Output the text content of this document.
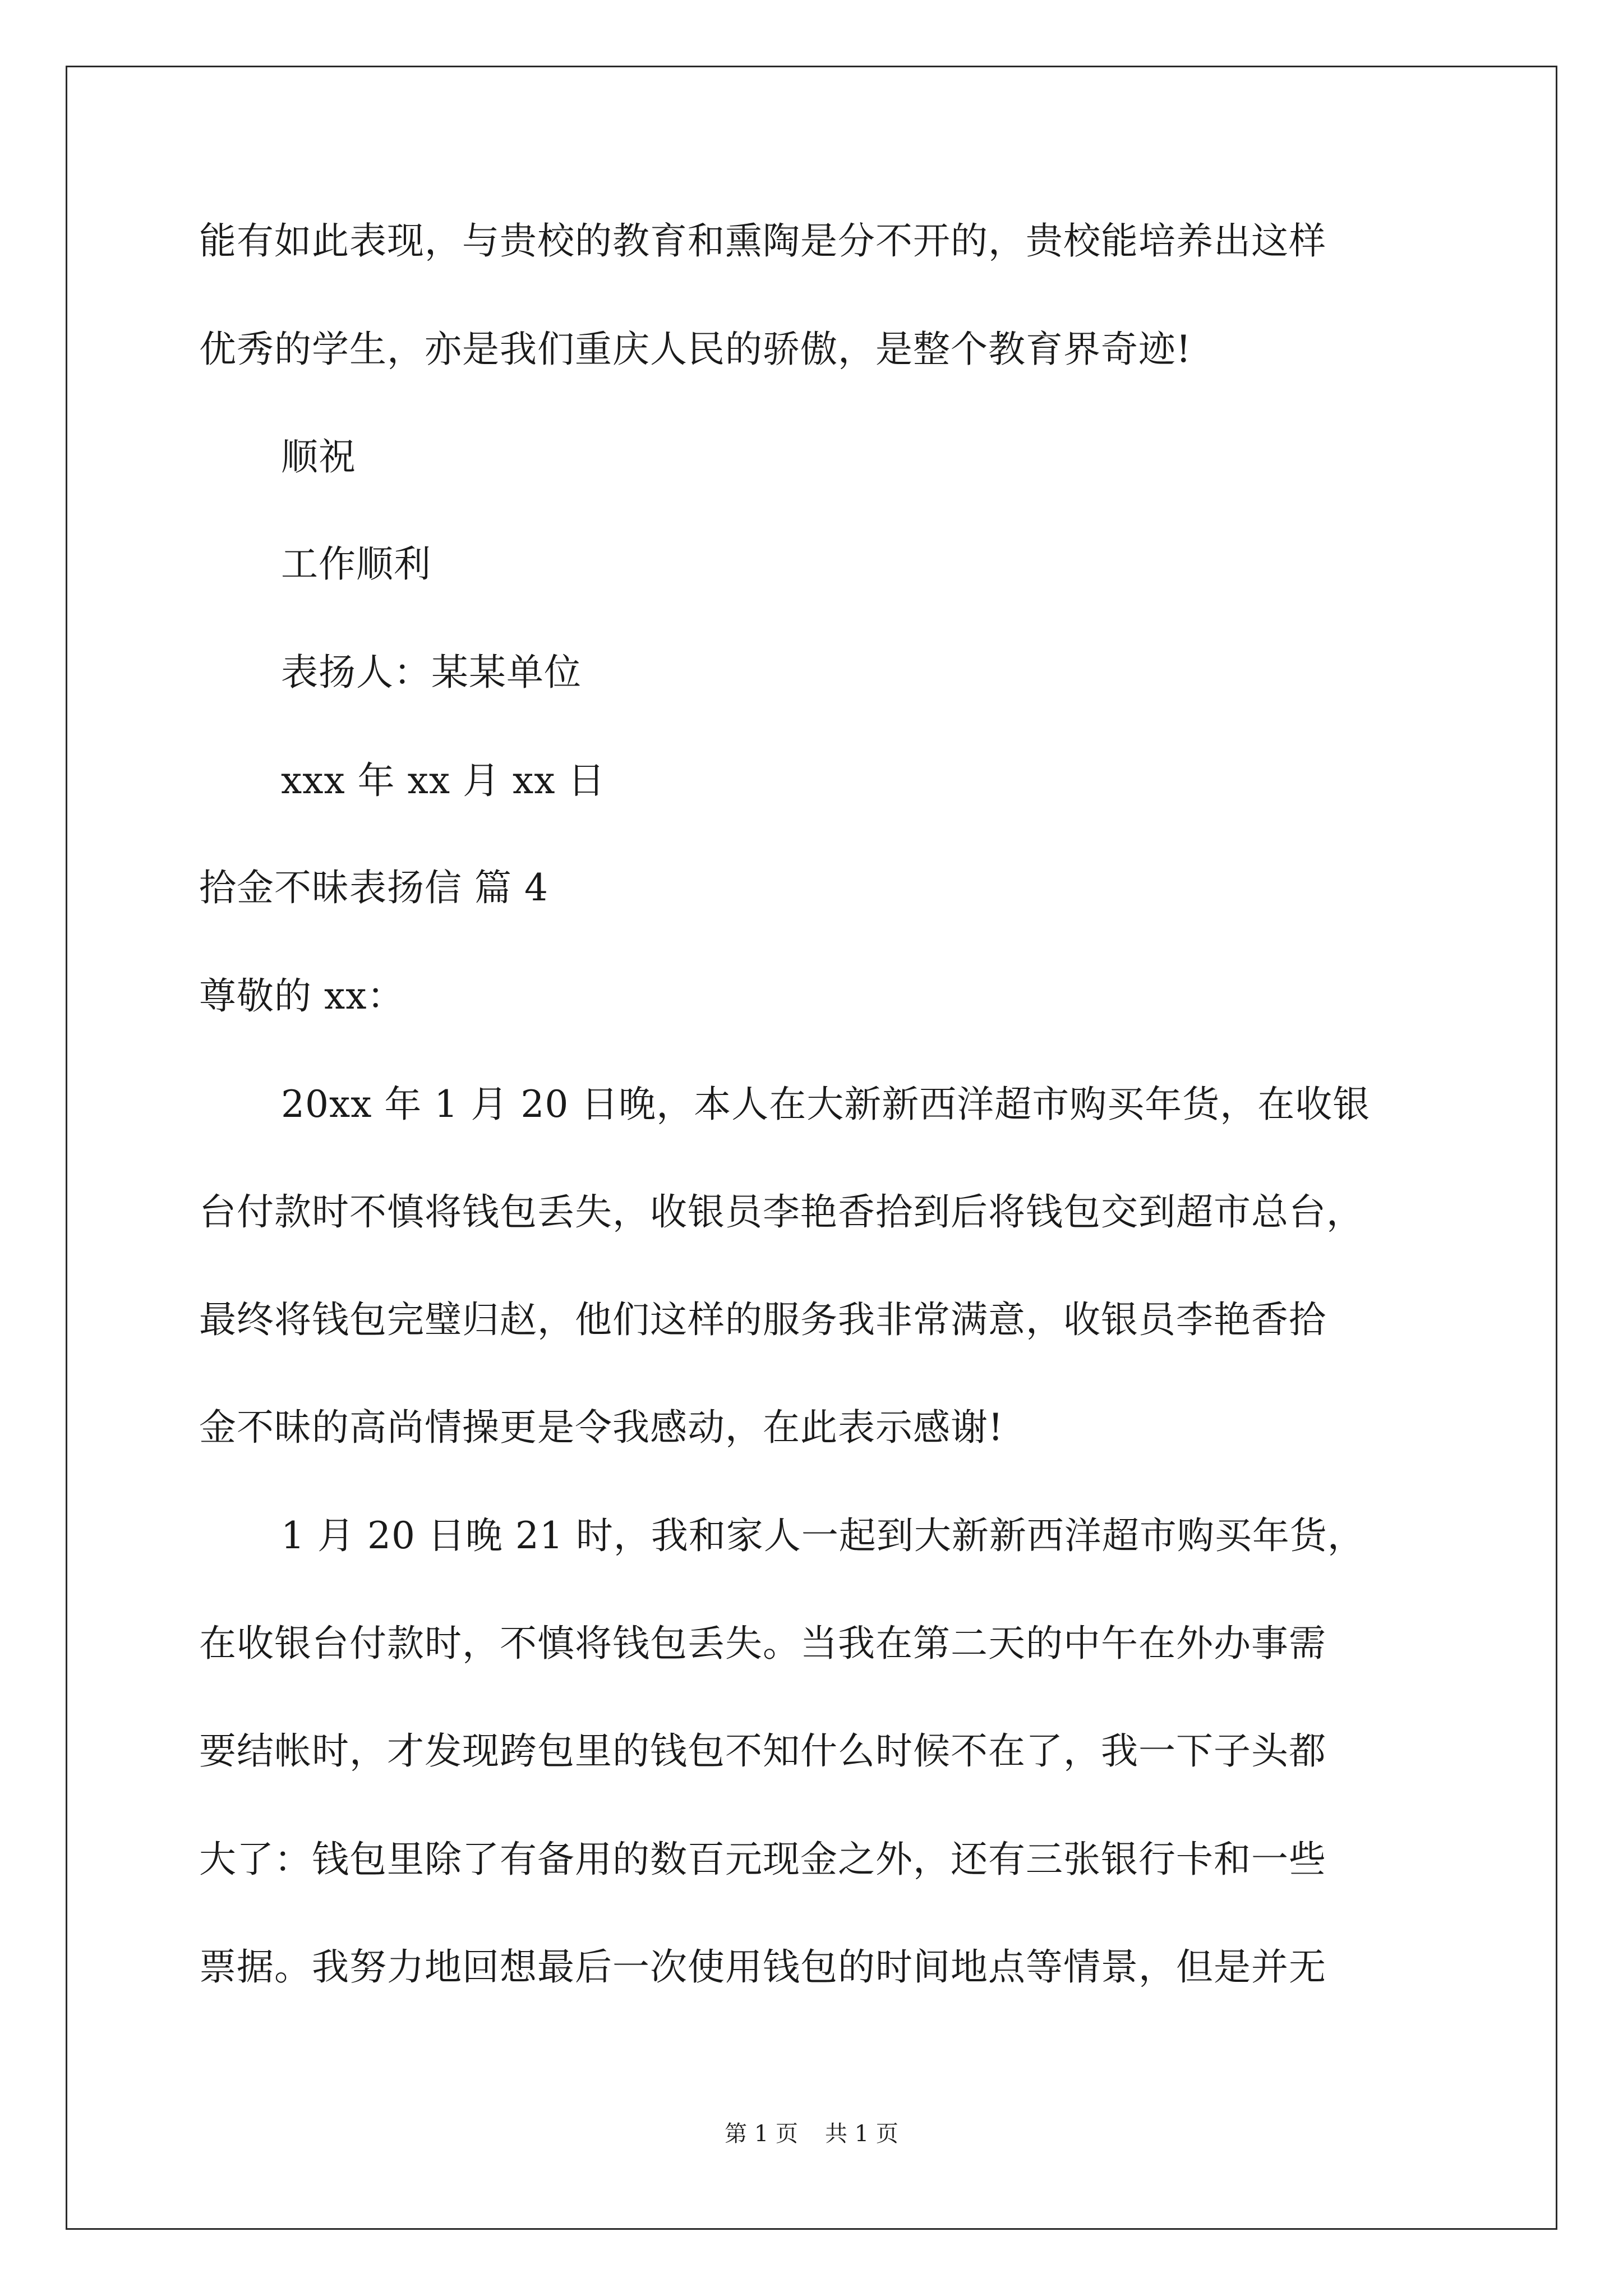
能有如此表现，与贵校的教育和熏陶是分不开的，贵校能培养出这样
优秀的学生，亦是我们重庆人民的骄傲，是整个教育界奇迹!
顺祝
工作顺利
表扬人：某某单位
xxx 年 xx 月 xx 日
拾金不昧表扬信 篇 4
尊敬的 xx：
20xx 年 1 月 20 日晚，本人在大新新西洋超市购买年货，在收银
台付款时不慎将钱包丢失，收银员李艳香拾到后将钱包交到超市总台，
最终将钱包完璧归赵，他们这样的服务我非常满意，收银员李艳香拾
金不昧的高尚情操更是令我感动，在此表示感谢!
1 月 20 日晚 21 时，我和家人一起到大新新西洋超市购买年货，
在收银台付款时，不慎将钱包丢失。当我在第二天的中午在外办事需
要结帐时，才发现跨包里的钱包不知什么时候不在了，我一下子头都
大了：钱包里除了有备用的数百元现金之外，还有三张银行卡和一些
票据。我努力地回想最后一次使用钱包的时间地点等情景，但是并无
第 1 页 共 1 页
